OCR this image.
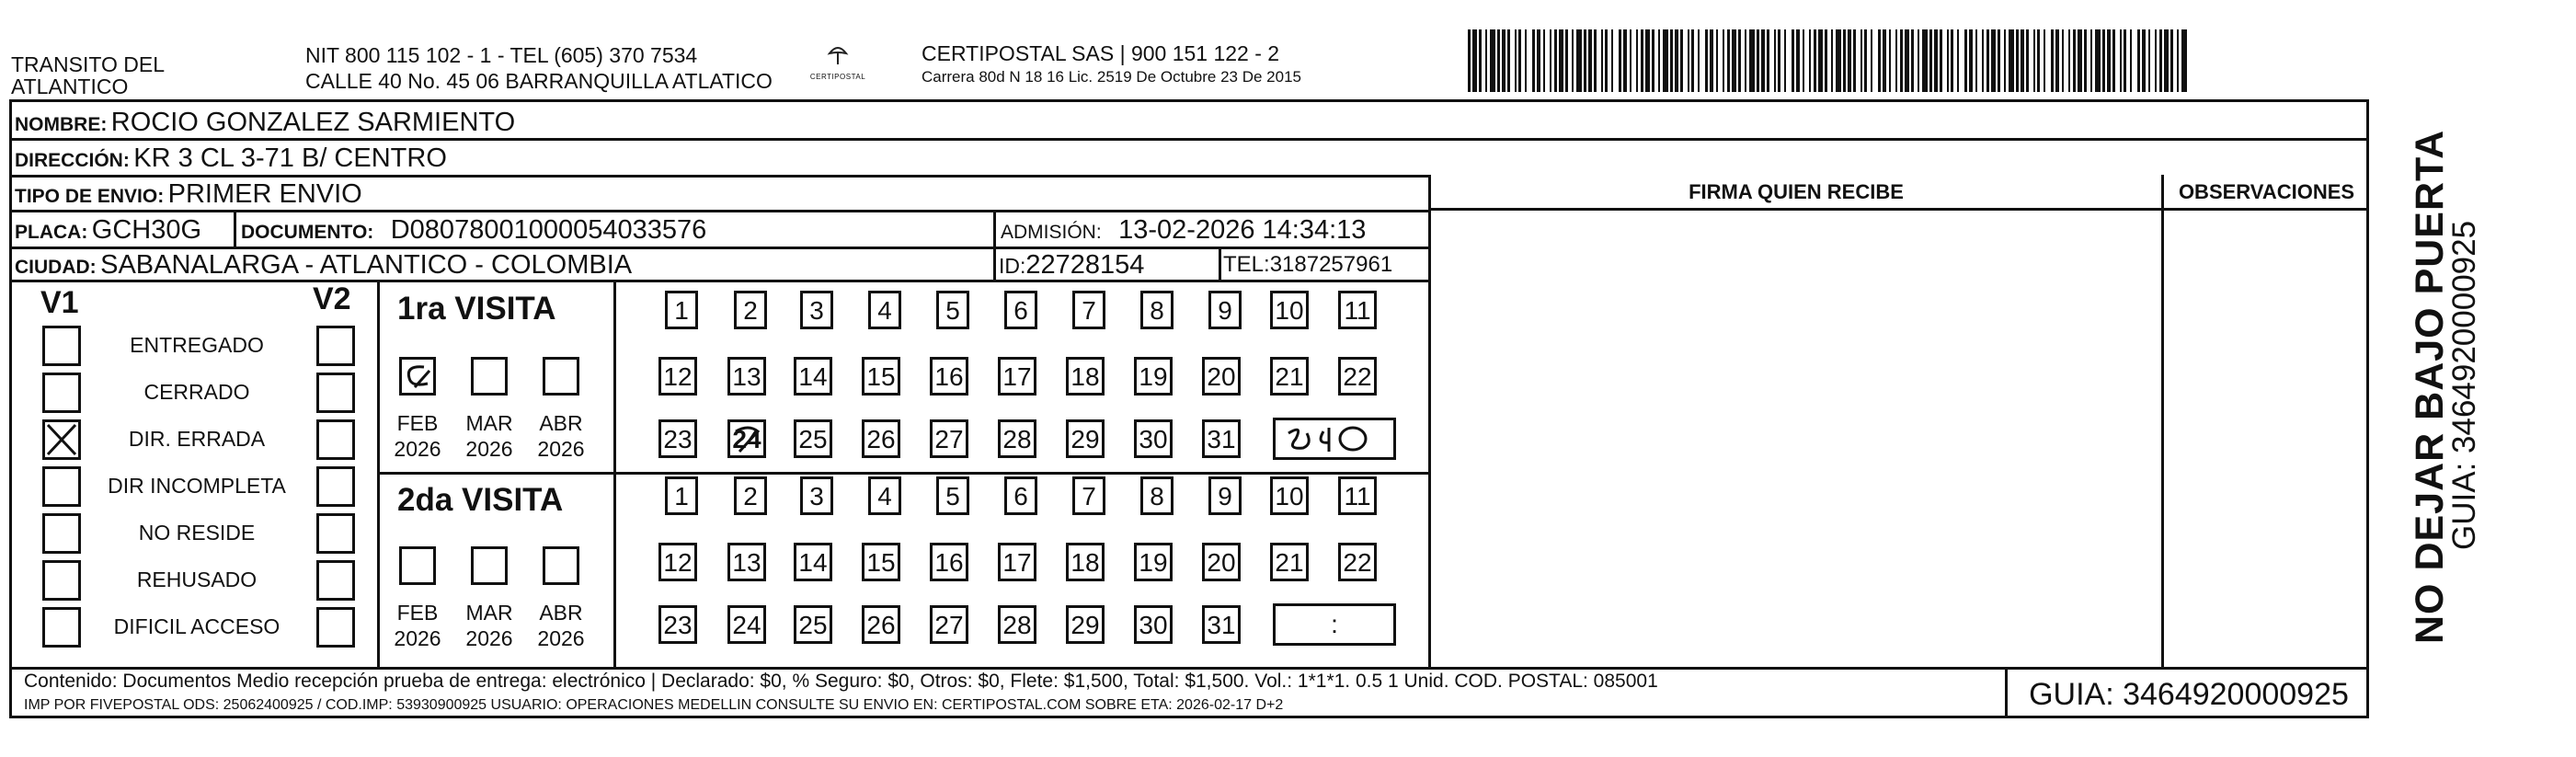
TRANSITO DEL
ATLANTICO
NIT 800 115 102 - 1 - TEL (605) 370 7534
CALLE 40 No. 45 06 BARRANQUILLA ATLATICO	CERTIPOSTAL
CERTIPOSTAL SAS | 900 151 122 - 2
Carrera 80d N 18 16 Lic. 2519 De Octubre 23 De 2015
NOMBRE: ROCIO GONZALEZ SARMIENTO
DIRECCIÓN: KR 3 CL 3-71 B/ CENTRO
TIPO DE ENVIO: PRIMER ENVIO
PLACA: GCH30G DOCUMENTO: D08078001000054033576	ADMISIÓN: 13-02-2026 14:34:13
CIUDAD: SABANALARGA - ATLANTICO - COLOMBIA	ID:22728154	TEL:3187257961
FIRMA QUIEN RECIBE	OBSERVACIONES
V1	V2
ENTREGADO
CERRADO
DIR. ERRADA
DIR INCOMPLETA
NO RESIDE
REHUSADO
DIFICIL ACCESO
1ra VISITA
2da VISITA
FEB
2026
MAR
2026
ABR
2026
FEB
2026
MAR
2026
ABR
2026
1	2	3	4	5	6	7	8	9	10 11
12 13 14 15 16 17 18 19 20 21 22
23 24 25 26 27 28 29 30 31
1	2	3	4	5	6	7	8	9	10 11
12 13 14 15 16 17 18 19 20 21 22
23 24 25 26 27 28 29 30 31	:
Contenido: Documentos Medio recepción prueba de entrega: electrónico | Declarado: $0, % Seguro: $0, Otros: $0, Flete: $1,500, Total: $1,500. Vol.: 1*1*1. 0.5 1 Unid. COD. POSTAL: 085001
IMP POR FIVEPOSTAL ODS: 25062400925 / COD.IMP: 53930900925 USUARIO: OPERACIONES MEDELLIN CONSULTE SU ENVIO EN: CERTIPOSTAL.COM SOBRE ETA: 2026-02-17 D+2	GUIA: 3464920000925
NO DEJAR BAJO PUERTA
GUIA: 3464920000925
